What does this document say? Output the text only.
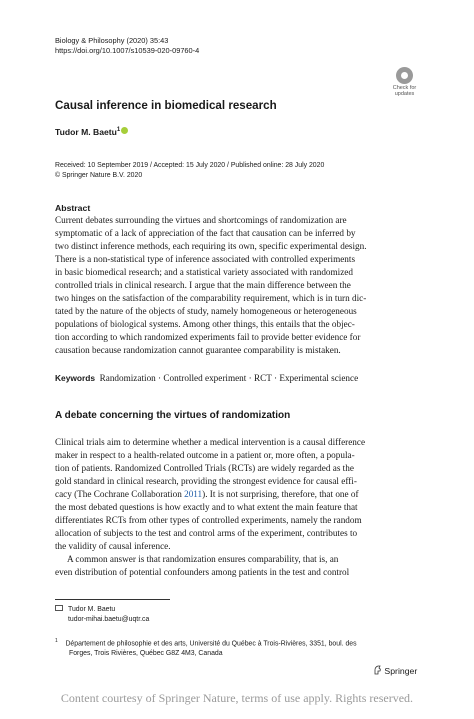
Biology & Philosophy (2020) 35:43
https://doi.org/10.1007/s10539-020-09760-4
Check for
updates
Causal inference in biomedical research
Tudor M. Baetu$^1$
Received: 10 September 2019 / Accepted: 15 July 2020 / Published online: 28 July 2020
© Springer Nature B.V. 2020
Abstract
Current debates surrounding the virtues and shortcomings of randomization are
symptomatic of a lack of appreciation of the fact that causation can be inferred by
two distinct inference methods, each requiring its own, specific experimental design.
There is a non-statistical type of inference associated with controlled experiments
in basic biomedical research; and a statistical variety associated with randomized
controlled trials in clinical research. I argue that the main difference between the
two hinges on the satisfaction of the comparability requirement, which is in turn dic-
tated by the nature of the objects of study, namely homogeneous or heterogeneous
populations of biological systems. Among other things, this entails that the objec-
tion according to which randomized experiments fail to provide better evidence for
causation because randomization cannot guarantee comparability is mistaken.
Keywords Randomization · Controlled experiment · RCT · Experimental science
A debate concerning the virtues of randomization
Clinical trials aim to determine whether a medical intervention is a causal difference
maker in respect to a health-related outcome in a patient or, more often, a popula-
tion of patients. Randomized Controlled Trials (RCTs) are widely regarded as the
gold standard in clinical research, providing the strongest evidence for causal effi-
cacy (The Cochrane Collaboration 2011). It is not surprising, therefore, that one of
the most debated questions is how exactly and to what extent the main feature that
differentiates RCTs from other types of controlled experiments, namely the random
allocation of subjects to the test and control arms of the experiment, contributes to
the validity of causal inference.
A common answer is that randomization ensures comparability, that is, an
even distribution of potential confounders among patients in the test and control
Tudor M. Baetu
tudor-mihai.baetu@uqtr.ca
$^1$ Département de philosophie et des arts, Université du Québec à Trois-Rivières, 3351, boul. des
Forges, Trois Rivières, Québec G8Z 4M3, Canada
Springer
Content courtesy of Springer Nature, terms of use apply. Rights reserved.
